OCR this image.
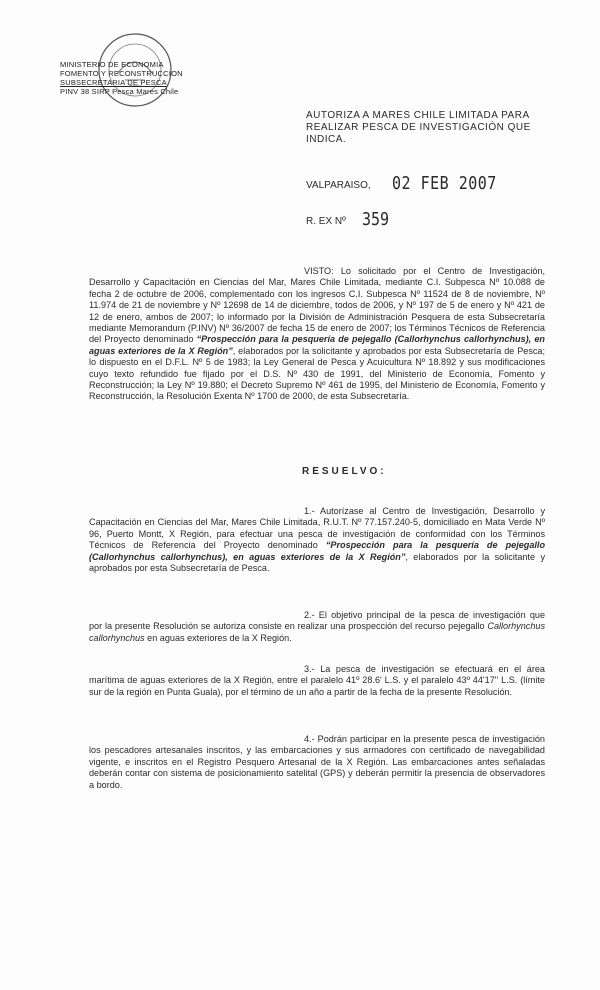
MINISTERIO DE ECONOMIA
FOMENTO Y RECONSTRUCCION
SUBSECRETARIA DE PESCA
PINV 38 SIRP Pesca Mares Chile
AUTORIZA A MARES CHILE LIMITADA PARA REALIZAR PESCA DE INVESTIGACIÓN QUE INDICA.
VALPARAISO, 02 FEB 2007
R. EX Nº 359
VISTO: Lo solicitado por el Centro de Investigación, Desarrollo y Capacitación en Ciencias del Mar, Mares Chile Limitada, mediante C.I. Subpesca Nº 10.088 de fecha 2 de octubre de 2006, complementado con los ingresos C.I. Subpesca Nº 11524 de 8 de noviembre, Nº 11.974 de 21 de noviembre y Nº 12698 de 14 de diciembre, todos de 2006, y Nº 197 de 5 de enero y Nº 421 de 12 de enero, ambos de 2007; lo informado por la División de Administración Pesquera de esta Subsecretaría mediante Memorandum (P.INV) Nº 36/2007 de fecha 15 de enero de 2007; los Términos Técnicos de Referencia del Proyecto denominado “Prospección para la pesquería de pejegallo (Callorhynchus callorhynchus), en aguas exteriores de la X Región”, elaborados por la solicitante y aprobados por esta Subsecretaría de Pesca; lo dispuesto en el D.F.L. Nº 5 de 1983; la Ley General de Pesca y Acuicultura Nº 18.892 y sus modificaciones cuyo texto refundido fue fijado por el D.S. Nº 430 de 1991, del Ministerio de Economía, Fomento y Reconstrucción; la Ley Nº 19.880; el Decreto Supremo Nº 461 de 1995, del Ministerio de Economía, Fomento y Reconstrucción, la Resolución Exenta Nº 1700 de 2000, de esta Subsecretaría.
RESUELVO:
1.- Autorízase al Centro de Investigación, Desarrollo y Capacitación en Ciencias del Mar, Mares Chile Limitada, R.U.T. Nº 77.157.240-5, domiciliado en Mata Verde Nº 96, Puerto Montt, X Región, para efectuar una pesca de investigación de conformidad con los Términos Técnicos de Referencia del Proyecto denominado “Prospección para la pesquería de pejegallo (Callorhynchus callorhynchus), en aguas exteriores de la X Región”, elaborados por la solicitante y aprobados por esta Subsecretaría de Pesca.
2.- El objetivo principal de la pesca de investigación que por la presente Resolución se autoriza consiste en realizar una prospección del recurso pejegallo Callorhynchus callorhynchus en aguas exteriores de la X Región.
3.- La pesca de investigación se efectuará en el área marítima de aguas exteriores de la X Región, entre el paralelo 41º 28.6' L.S. y el paralelo 43º 44'17'' L.S. (límite sur de la región en Punta Guala), por el término de un año a partir de la fecha de la presente Resolución.
4.- Podrán participar en la presente pesca de investigación los pescadores artesanales inscritos, y las embarcaciones y sus armadores con certificado de navegabilidad vigente, e inscritos en el Registro Pesquero Artesanal de la X Región. Las embarcaciones antes señaladas deberán contar con sistema de posicionamiento satelital (GPS) y deberán permitir la presencia de observadores a bordo.
